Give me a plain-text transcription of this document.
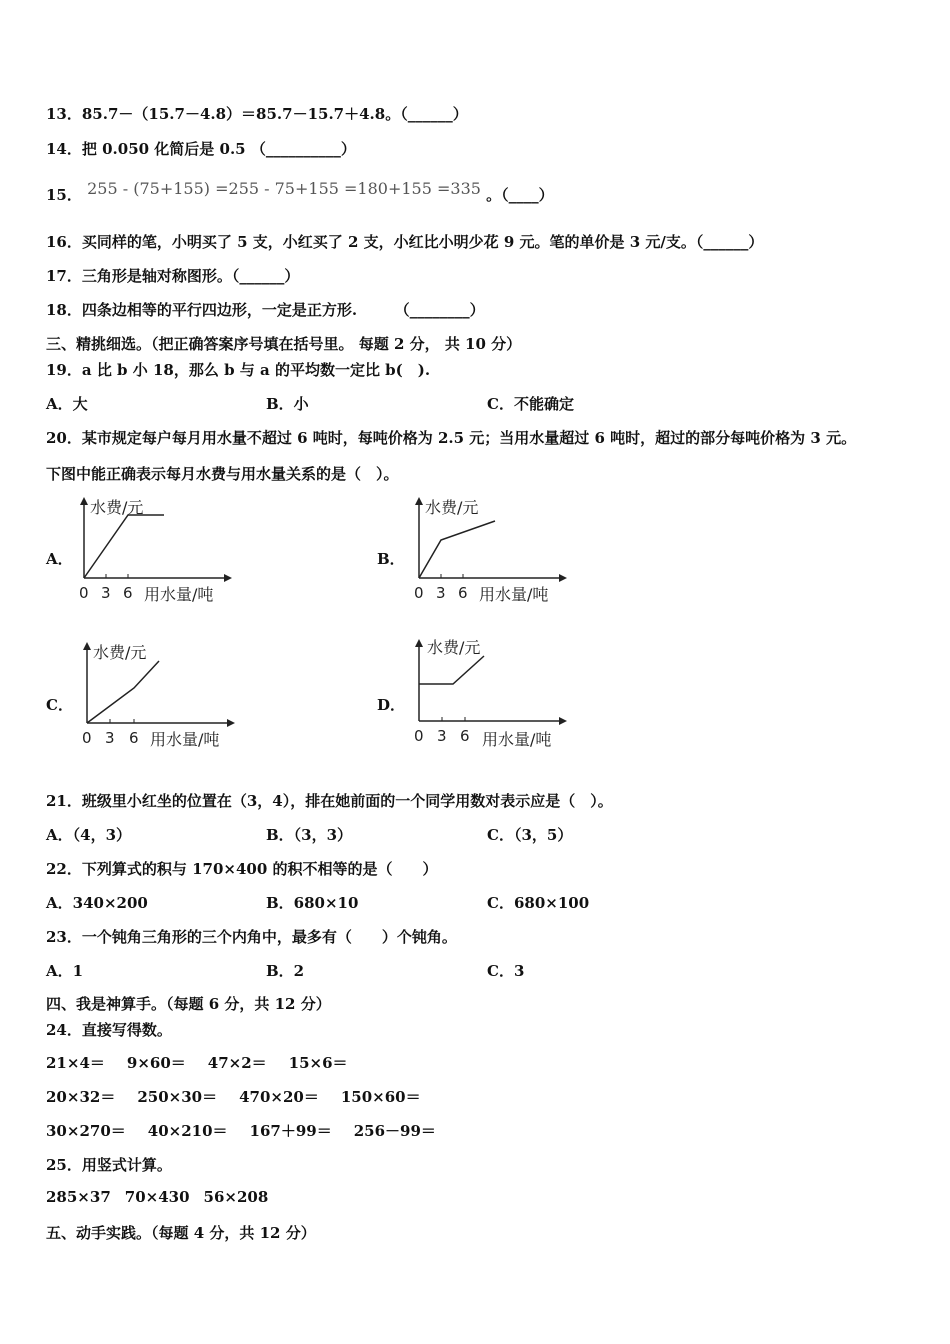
13．85.7－（15.7－4.8）＝85.7－15.7＋4.8。（______）
14．把 0.050 化简后是 0.5 （__________）
15． 255 - (75+155) =255 - 75+155 =180+155 =335 。（____）
16．买同样的笔，小明买了 5 支，小红买了 2 支，小红比小明少花 9 元。笔的单价是 3 元/支。（______）
17．三角形是轴对称图形。（______）
18．四条边相等的平行四边形，一定是正方形.　　　（________）
三、精挑细选。（把正确答案序号填在括号里。 每题 2 分， 共 10 分）
19．a 比 b 小 18，那么 b 与 a 的平均数一定比 b(　).
A．大	B．小	C．不能确定
20．某市规定每户每月用水量不超过 6 吨时，每吨价格为 2.5 元；当用水量超过 6 吨时，超过的部分每吨价格为 3 元。
下图中能正确表示每月水费与用水量关系的是（　）。
A．
水费/元
0 3 6 用水量/吨
B．
水费/元
0 3 6 用水量/吨
C．
水费/元
0 3 6 用水量/吨
D．
水费/元
0 3 6 用水量/吨
21．班级里小红坐的位置在（3，4），排在她前面的一个同学用数对表示应是（　）。
A．（4，3）	B．（3，3）	C．（3，5）
22．下列算式的积与 170×400 的积不相等的是（　　）
A．340×200	B．680×10	C．680×100
23．一个钝角三角形的三个内角中，最多有（　　）个钝角。
A．1	B．2	C．3
四、我是神算手。（每题 6 分，共 12 分）
24．直接写得数。
21×4＝ 9×60＝ 47×2＝ 15×6＝
20×32＝ 250×30＝ 470×20＝ 150×60＝
30×270＝ 40×210＝ 167＋99＝ 256－99＝
25．用竖式计算。
285×37 70×430 56×208
五、动手实践。（每题 4 分，共 12 分）
